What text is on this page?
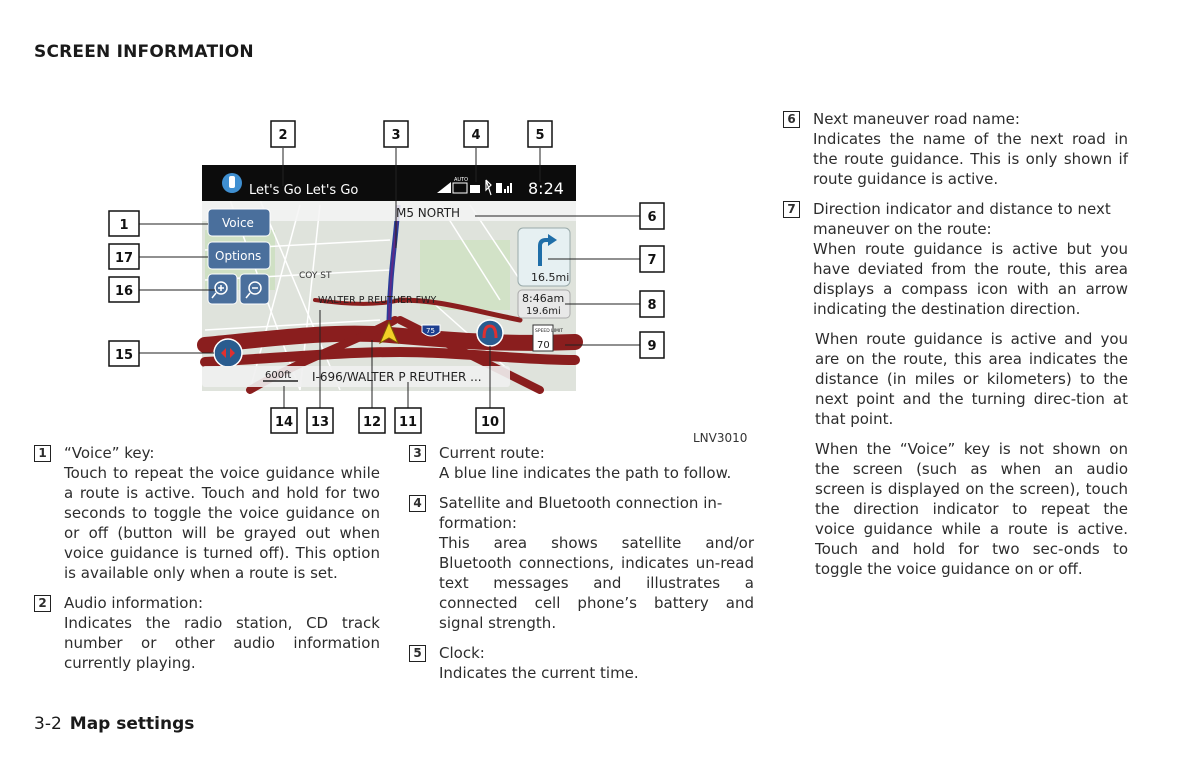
SCREEN INFORMATION
Let's Go Let's Go
AUTO	8:24
M5 NORTH
Voice
Options
16.5mi
8:46am
19.6mi
SPEED LIMIT
70
COY ST
WALTER P REUTHER FWY
75
600ft I-696/WALTER P REUTHER ...
2	3	4	5
1
17
16
15
6
7
8
9
14 13	12 11	10
LNV3010
1 “Voice” key:
Touch to repeat the voice guidance while a route is active. Touch and hold for two seconds to toggle the voice guidance on or off (button will be grayed out when voice guidance is turned off). This option is available only when a route is set.
2 Audio information:
Indicates the radio station, CD track number or other audio information currently playing.
3 Current route:
A blue line indicates the path to follow.
4 Satellite and Bluetooth connection in-formation:
This area shows satellite and/or Bluetooth connections, indicates un-read text messages and illustrates a connected cell phone’s battery and signal strength.
5 Clock:
Indicates the current time.
6 Next maneuver road name:
Indicates the name of the next road in the route guidance. This is only shown if route guidance is active.
7 Direction indicator and distance to next maneuver on the route:
When route guidance is active but you have deviated from the route, this area displays a compass icon with an arrow indicating the destination direction.
When route guidance is active and you are on the route, this area indicates the distance (in miles or kilometers) to the next point and the turning direc-tion at that point.
When the “Voice” key is not shown on the screen (such as when an audio screen is displayed on the screen), touch the direction indicator to repeat the voice guidance while a route is active. Touch and hold for two sec-onds to toggle the voice guidance on or off.
3-2 Map settings
